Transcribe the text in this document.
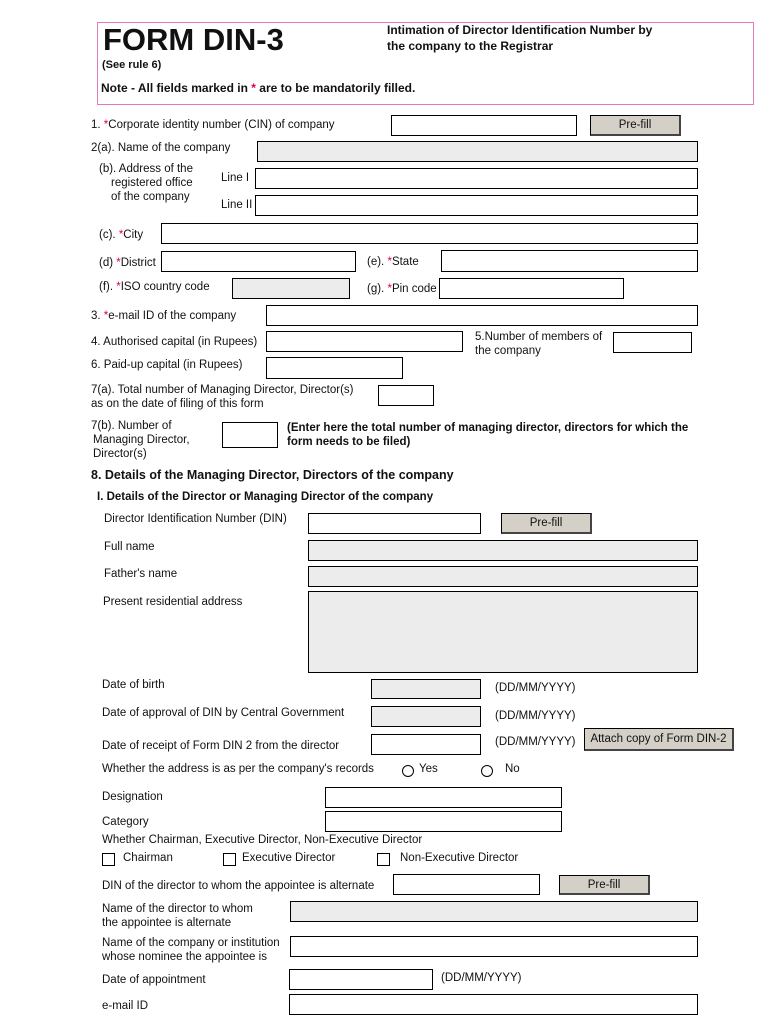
FORM DIN-3
(See rule 6)
Intimation of Director Identification Number by
the company to the Registrar
Note - All fields marked in * are to be mandatorily filled.
1. *Corporate identity number (CIN) of company	Pre-fill
2(a). Name of the company
(b). Address of the
registered office
of the company
Line I
Line II
(c). *City
(d) *District	(e). *State
(f). *ISO country code	(g). *Pin code
3. *e-mail ID of the company
4. Authorised capital (in Rupees)	5.Number of members of
the company
6. Paid-up capital (in Rupees)
7(a). Total number of Managing Director, Director(s)
as on the date of filing of this form
7(b). Number of
Managing Director,
Director(s)
(Enter here the total number of managing director, directors for which the
form needs to be filed)
8. Details of the Managing Director, Directors of the company
I. Details of the Director or Managing Director of the company
Director Identification Number (DIN)	Pre-fill
Full name
Father's name
Present residential address
Date of birth	(DD/MM/YYYY)
Date of approval of DIN by Central Government	(DD/MM/YYYY)
Date of receipt of Form DIN 2 from the director	(DD/MM/YYYY)	Attach copy of Form DIN-2
Whether the address is as per the company's records	Yes	No
Designation
Category
Whether Chairman, Executive Director, Non-Executive Director
Chairman	Executive Director	Non-Executive Director
DIN of the director to whom the appointee is alternate	Pre-fill
Name of the director to whom
the appointee is alternate
Name of the company or institution
whose nominee the appointee is
Date of appointment	(DD/MM/YYYY)
e-mail ID
